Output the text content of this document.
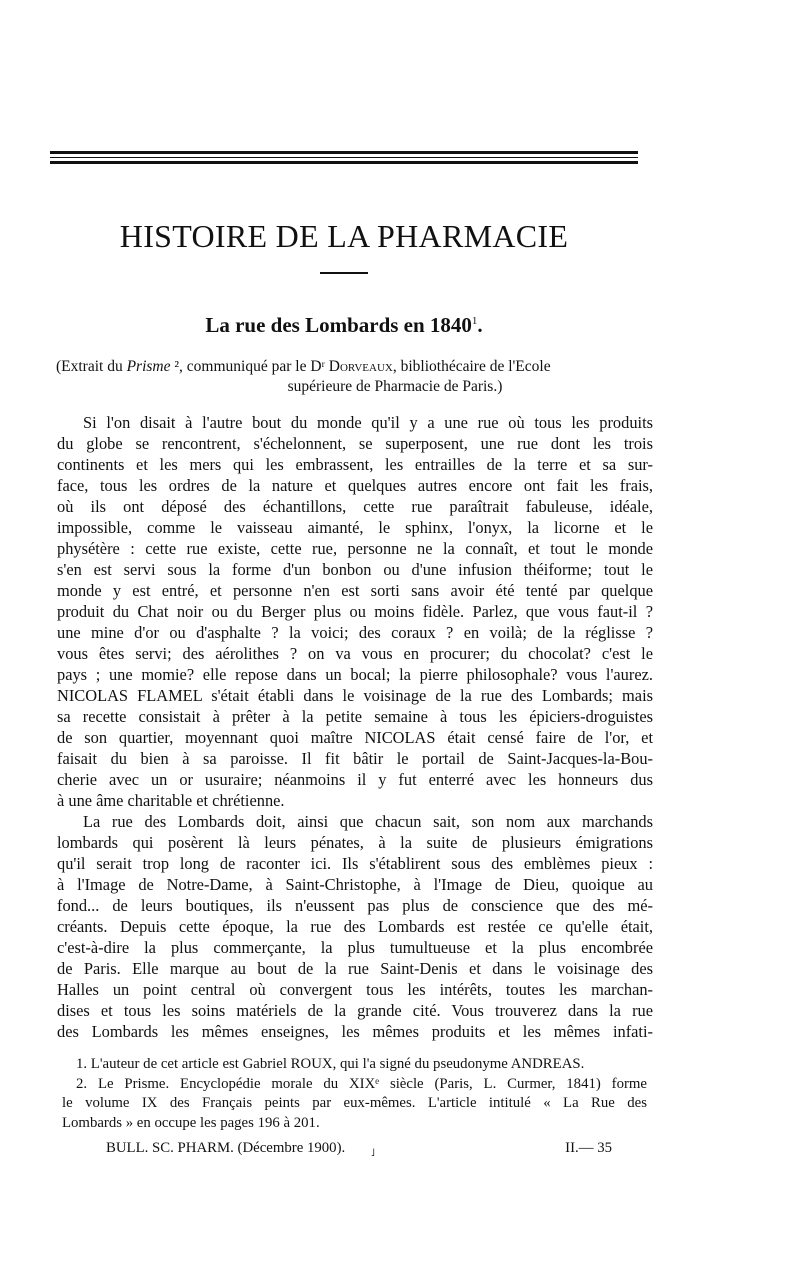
HISTOIRE DE LA PHARMACIE
La rue des Lombards en 1840$^1$.
(Extrait du Prisme ², communiqué par le Dʳ Dorveaux, bibliothécaire de l'Ecole
supérieure de Pharmacie de Paris.)
Si l'on disait à l'autre bout du monde qu'il y a une rue où tous les produits
du globe se rencontrent, s'échelonnent, se superposent, une rue dont les trois
continents et les mers qui les embrassent, les entrailles de la terre et sa sur-
face, tous les ordres de la nature et quelques autres encore ont fait les frais,
où ils ont déposé des échantillons, cette rue paraîtrait fabuleuse, idéale,
impossible, comme le vaisseau aimanté, le sphinx, l'onyx, la licorne et le
physétère : cette rue existe, cette rue, personne ne la connaît, et tout le monde
s'en est servi sous la forme d'un bonbon ou d'une infusion théiforme; tout le
monde y est entré, et personne n'en est sorti sans avoir été tenté par quelque
produit du Chat noir ou du Berger plus ou moins fidèle. Parlez, que vous faut-il ?
une mine d'or ou d'asphalte ? la voici; des coraux ? en voilà; de la réglisse ?
vous êtes servi; des aérolithes ? on va vous en procurer; du chocolat? c'est le
pays ; une momie? elle repose dans un bocal; la pierre philosophale? vous l'aurez.
NICOLAS FLAMEL s'était établi dans le voisinage de la rue des Lombards; mais
sa recette consistait à prêter à la petite semaine à tous les épiciers-droguistes
de son quartier, moyennant quoi maître NICOLAS était censé faire de l'or, et
faisait du bien à sa paroisse. Il fit bâtir le portail de Saint-Jacques-la-Bou-
cherie avec un or usuraire; néanmoins il y fut enterré avec les honneurs dus
à une âme charitable et chrétienne.
La rue des Lombards doit, ainsi que chacun sait, son nom aux marchands
lombards qui posèrent là leurs pénates, à la suite de plusieurs émigrations
qu'il serait trop long de raconter ici. Ils s'établirent sous des emblèmes pieux :
à l'Image de Notre-Dame, à Saint-Christophe, à l'Image de Dieu, quoique au
fond... de leurs boutiques, ils n'eussent pas plus de conscience que des mé-
créants. Depuis cette époque, la rue des Lombards est restée ce qu'elle était,
c'est-à-dire la plus commerçante, la plus tumultueuse et la plus encombrée
de Paris. Elle marque au bout de la rue Saint-Denis et dans le voisinage des
Halles un point central où convergent tous les intérêts, toutes les marchan-
dises et tous les soins matériels de la grande cité. Vous trouverez dans la rue
des Lombards les mêmes enseignes, les mêmes produits et les mêmes infati-
1. L'auteur de cet article est Gabriel ROUX, qui l'a signé du pseudonyme ANDREAS.
2. Le Prisme. Encyclopédie morale du XIXᵉ siècle (Paris, L. Curmer, 1841) forme
le volume IX des Français peints par eux-mêmes. L'article intitulé « La Rue des
Lombards » en occupe les pages 196 à 201.
BULL. SC. PHARM. (Décembre 1900).	˩	II.— 35
